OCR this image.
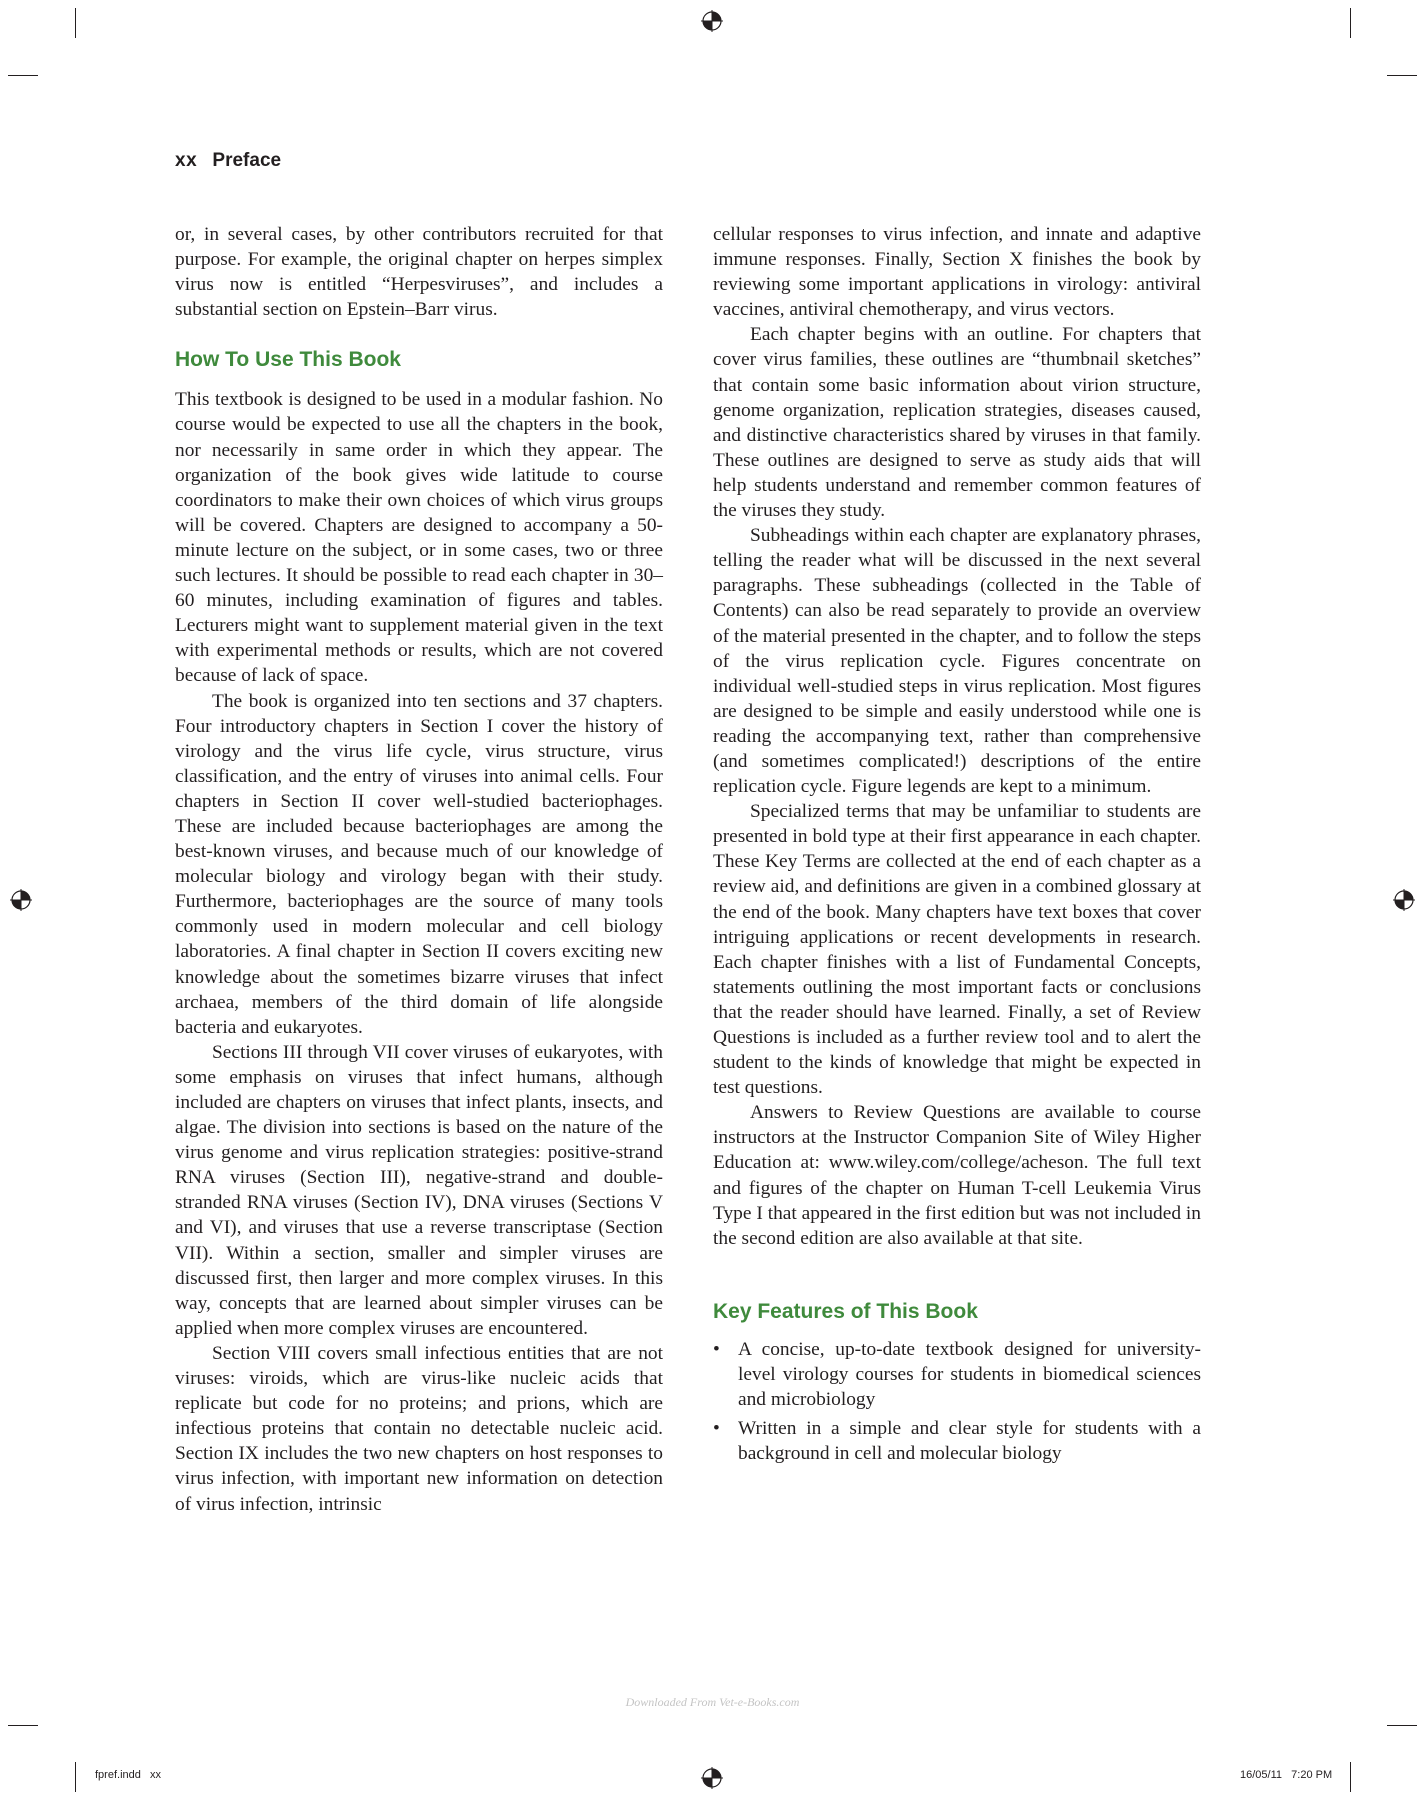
xx Preface

or, in several cases, by other contributors recruited for that purpose. For example, the original chapter on herpes simplex virus now is entitled “Herpesviruses”, and includes a substantial section on Epstein–Barr virus.

How To Use This Book

This textbook is designed to be used in a modular fashion. No course would be expected to use all the chapters in the book, nor necessarily in same order in which they appear. The organization of the book gives wide latitude to course coordinators to make their own choices of which virus groups will be covered. Chapters are designed to accompany a 50-minute lecture on the subject, or in some cases, two or three such lectures. It should be possible to read each chapter in 30–60 minutes, including examination of figures and tables. Lecturers might want to supplement material given in the text with experimental methods or results, which are not covered because of lack of space.

The book is organized into ten sections and 37 chapters. Four introductory chapters in Section I cover the history of virology and the virus life cycle, virus structure, virus classification, and the entry of viruses into animal cells. Four chapters in Section II cover well-studied bacteriophages. These are included because bacteriophages are among the best-known viruses, and because much of our knowledge of molecular biology and virology began with their study. Furthermore, bacteriophages are the source of many tools commonly used in modern molecular and cell biology laboratories. A final chapter in Section II covers exciting new knowledge about the sometimes bizarre viruses that infect archaea, members of the third domain of life alongside bacteria and eukaryotes.

Sections III through VII cover viruses of eukaryotes, with some emphasis on viruses that infect humans, although included are chapters on viruses that infect plants, insects, and algae. The division into sections is based on the nature of the virus genome and virus replication strategies: positive-strand RNA viruses (Section III), negative-strand and double-stranded RNA viruses (Section IV), DNA viruses (Sections V and VI), and viruses that use a reverse transcriptase (Section VII). Within a section, smaller and simpler viruses are discussed first, then larger and more complex viruses. In this way, concepts that are learned about simpler viruses can be applied when more complex viruses are encountered.

Section VIII covers small infectious entities that are not viruses: viroids, which are virus-like nucleic acids that replicate but code for no proteins; and prions, which are infectious proteins that contain no detectable nucleic acid. Section IX includes the two new chapters on host responses to virus infection, with important new information on detection of virus infection, intrinsic

cellular responses to virus infection, and innate and adaptive immune responses. Finally, Section X finishes the book by reviewing some important applications in virology: antiviral vaccines, antiviral chemotherapy, and virus vectors.

Each chapter begins with an outline. For chapters that cover virus families, these outlines are “thumbnail sketches” that contain some basic information about virion structure, genome organization, replication strategies, diseases caused, and distinctive characteristics shared by viruses in that family. These outlines are designed to serve as study aids that will help students understand and remember common features of the viruses they study.

Subheadings within each chapter are explanatory phrases, telling the reader what will be discussed in the next several paragraphs. These subheadings (collected in the Table of Contents) can also be read separately to provide an overview of the material presented in the chapter, and to follow the steps of the virus replication cycle. Figures concentrate on individual well-studied steps in virus replication. Most figures are designed to be simple and easily understood while one is reading the accompanying text, rather than comprehensive (and sometimes complicated!) descriptions of the entire replication cycle. Figure legends are kept to a minimum.

Specialized terms that may be unfamiliar to students are presented in bold type at their first appearance in each chapter. These Key Terms are collected at the end of each chapter as a review aid, and definitions are given in a combined glossary at the end of the book. Many chapters have text boxes that cover intriguing applications or recent developments in research. Each chapter finishes with a list of Fundamental Concepts, statements outlining the most important facts or conclusions that the reader should have learned. Finally, a set of Review Questions is included as a further review tool and to alert the student to the kinds of knowledge that might be expected in test questions.

Answers to Review Questions are available to course instructors at the Instructor Companion Site of Wiley Higher Education at: www.wiley.com/college/acheson. The full text and figures of the chapter on Human T-cell Leukemia Virus Type I that appeared in the first edition but was not included in the second edition are also available at that site.

Key Features of This Book
• A concise, up-to-date textbook designed for university-level virology courses for students in biomedical sciences and microbiology
• Written in a simple and clear style for students with a background in cell and molecular biology
Downloaded From Vet-e-Books.com
fpref.indd   xx	16/05/11   7:20 PM
